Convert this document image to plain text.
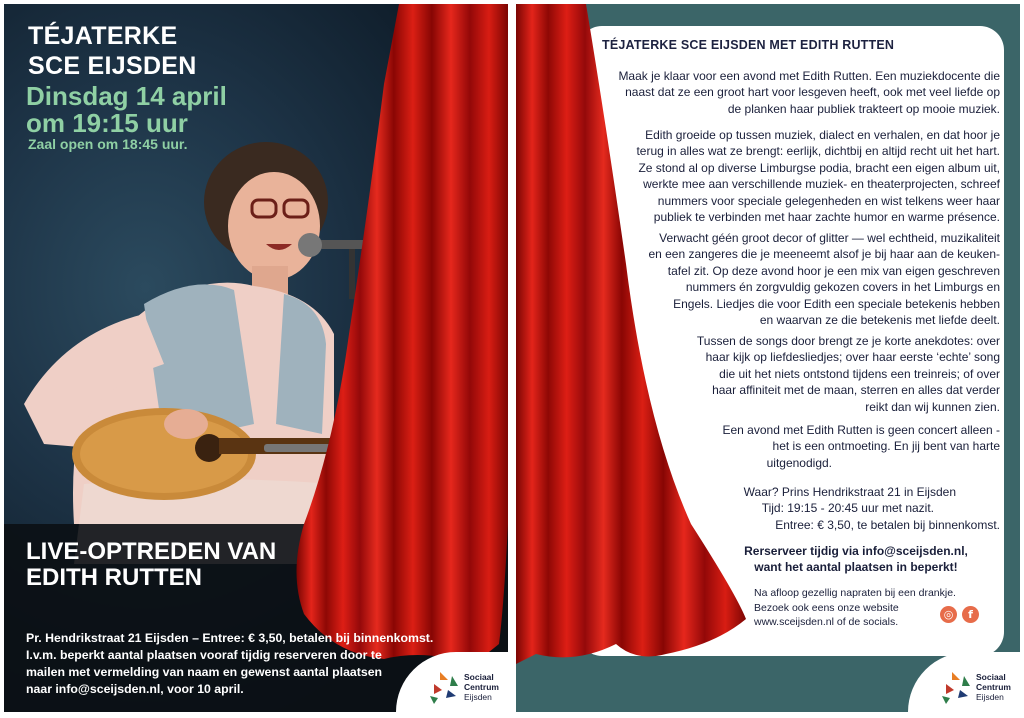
TÉJATERKE
SCE EIJSDEN
Dinsdag 14 april
om 19:15 uur
Zaal open om 18:45 uur.
LIVE-OPTREDEN VAN
EDITH RUTTEN
Pr. Hendrikstraat 21 Eijsden – Entree: € 3,50, betalen bij binnenkomst.
I.v.m. beperkt aantal plaatsen vooraf tijdig reserveren door te
mailen met vermelding van naam en gewenst aantal plaatsen
naar info@sceijsden.nl, voor 10 april.
Sociaal
Centrum
Eijsden
TÉJATERKE SCE EIJSDEN MET EDITH RUTTEN
Maak je klaar voor een avond met Edith Rutten. Een muziekdocente die
naast dat ze een groot hart voor lesgeven heeft, ook met veel liefde op
de planken haar publiek trakteert op mooie muziek.
Edith groeide op tussen muziek, dialect en verhalen, en dat hoor je
terug in alles wat ze brengt: eerlijk, dichtbij en altijd recht uit het hart.
Ze stond al op diverse Limburgse podia, bracht een eigen album uit,
werkte mee aan verschillende muziek- en theaterprojecten, schreef
nummers voor speciale gelegenheden en wist telkens weer haar
publiek te verbinden met haar zachte humor en warme présence.
Verwacht géén groot decor of glitter — wel echtheid, muzikaliteit
en een zangeres die je meeneemt alsof je bij haar aan de keuken-
tafel zit. Op deze avond hoor je een mix van eigen geschreven
nummers én zorgvuldig gekozen covers in het Limburgs en
Engels. Liedjes die voor Edith een speciale betekenis hebben
en waarvan ze die betekenis met liefde deelt.
Tussen de songs door brengt ze je korte anekdotes: over
haar kijk op liefdesliedjes; over haar eerste ‘echte’ song
die uit het niets ontstond tijdens een treinreis; of over
haar affiniteit met de maan, sterren en alles dat verder
reikt dan wij kunnen zien.
Een avond met Edith Rutten is geen concert alleen -
het is een ontmoeting. En jij bent van harte
uitgenodigd.
Waar? Prins Hendrikstraat 21 in Eijsden
Tijd: 19:15 - 20:45 uur met nazit.
Entree: € 3,50, te betalen bij binnenkomst.
Rerserveer tijdig via info@sceijsden.nl,
want het aantal plaatsen in beperkt!
Na afloop gezellig napraten bij een drankje.
Bezoek ook eens onze website
www.sceijsden.nl of de socials.
◎	f
Sociaal
Centrum
Eijsden
